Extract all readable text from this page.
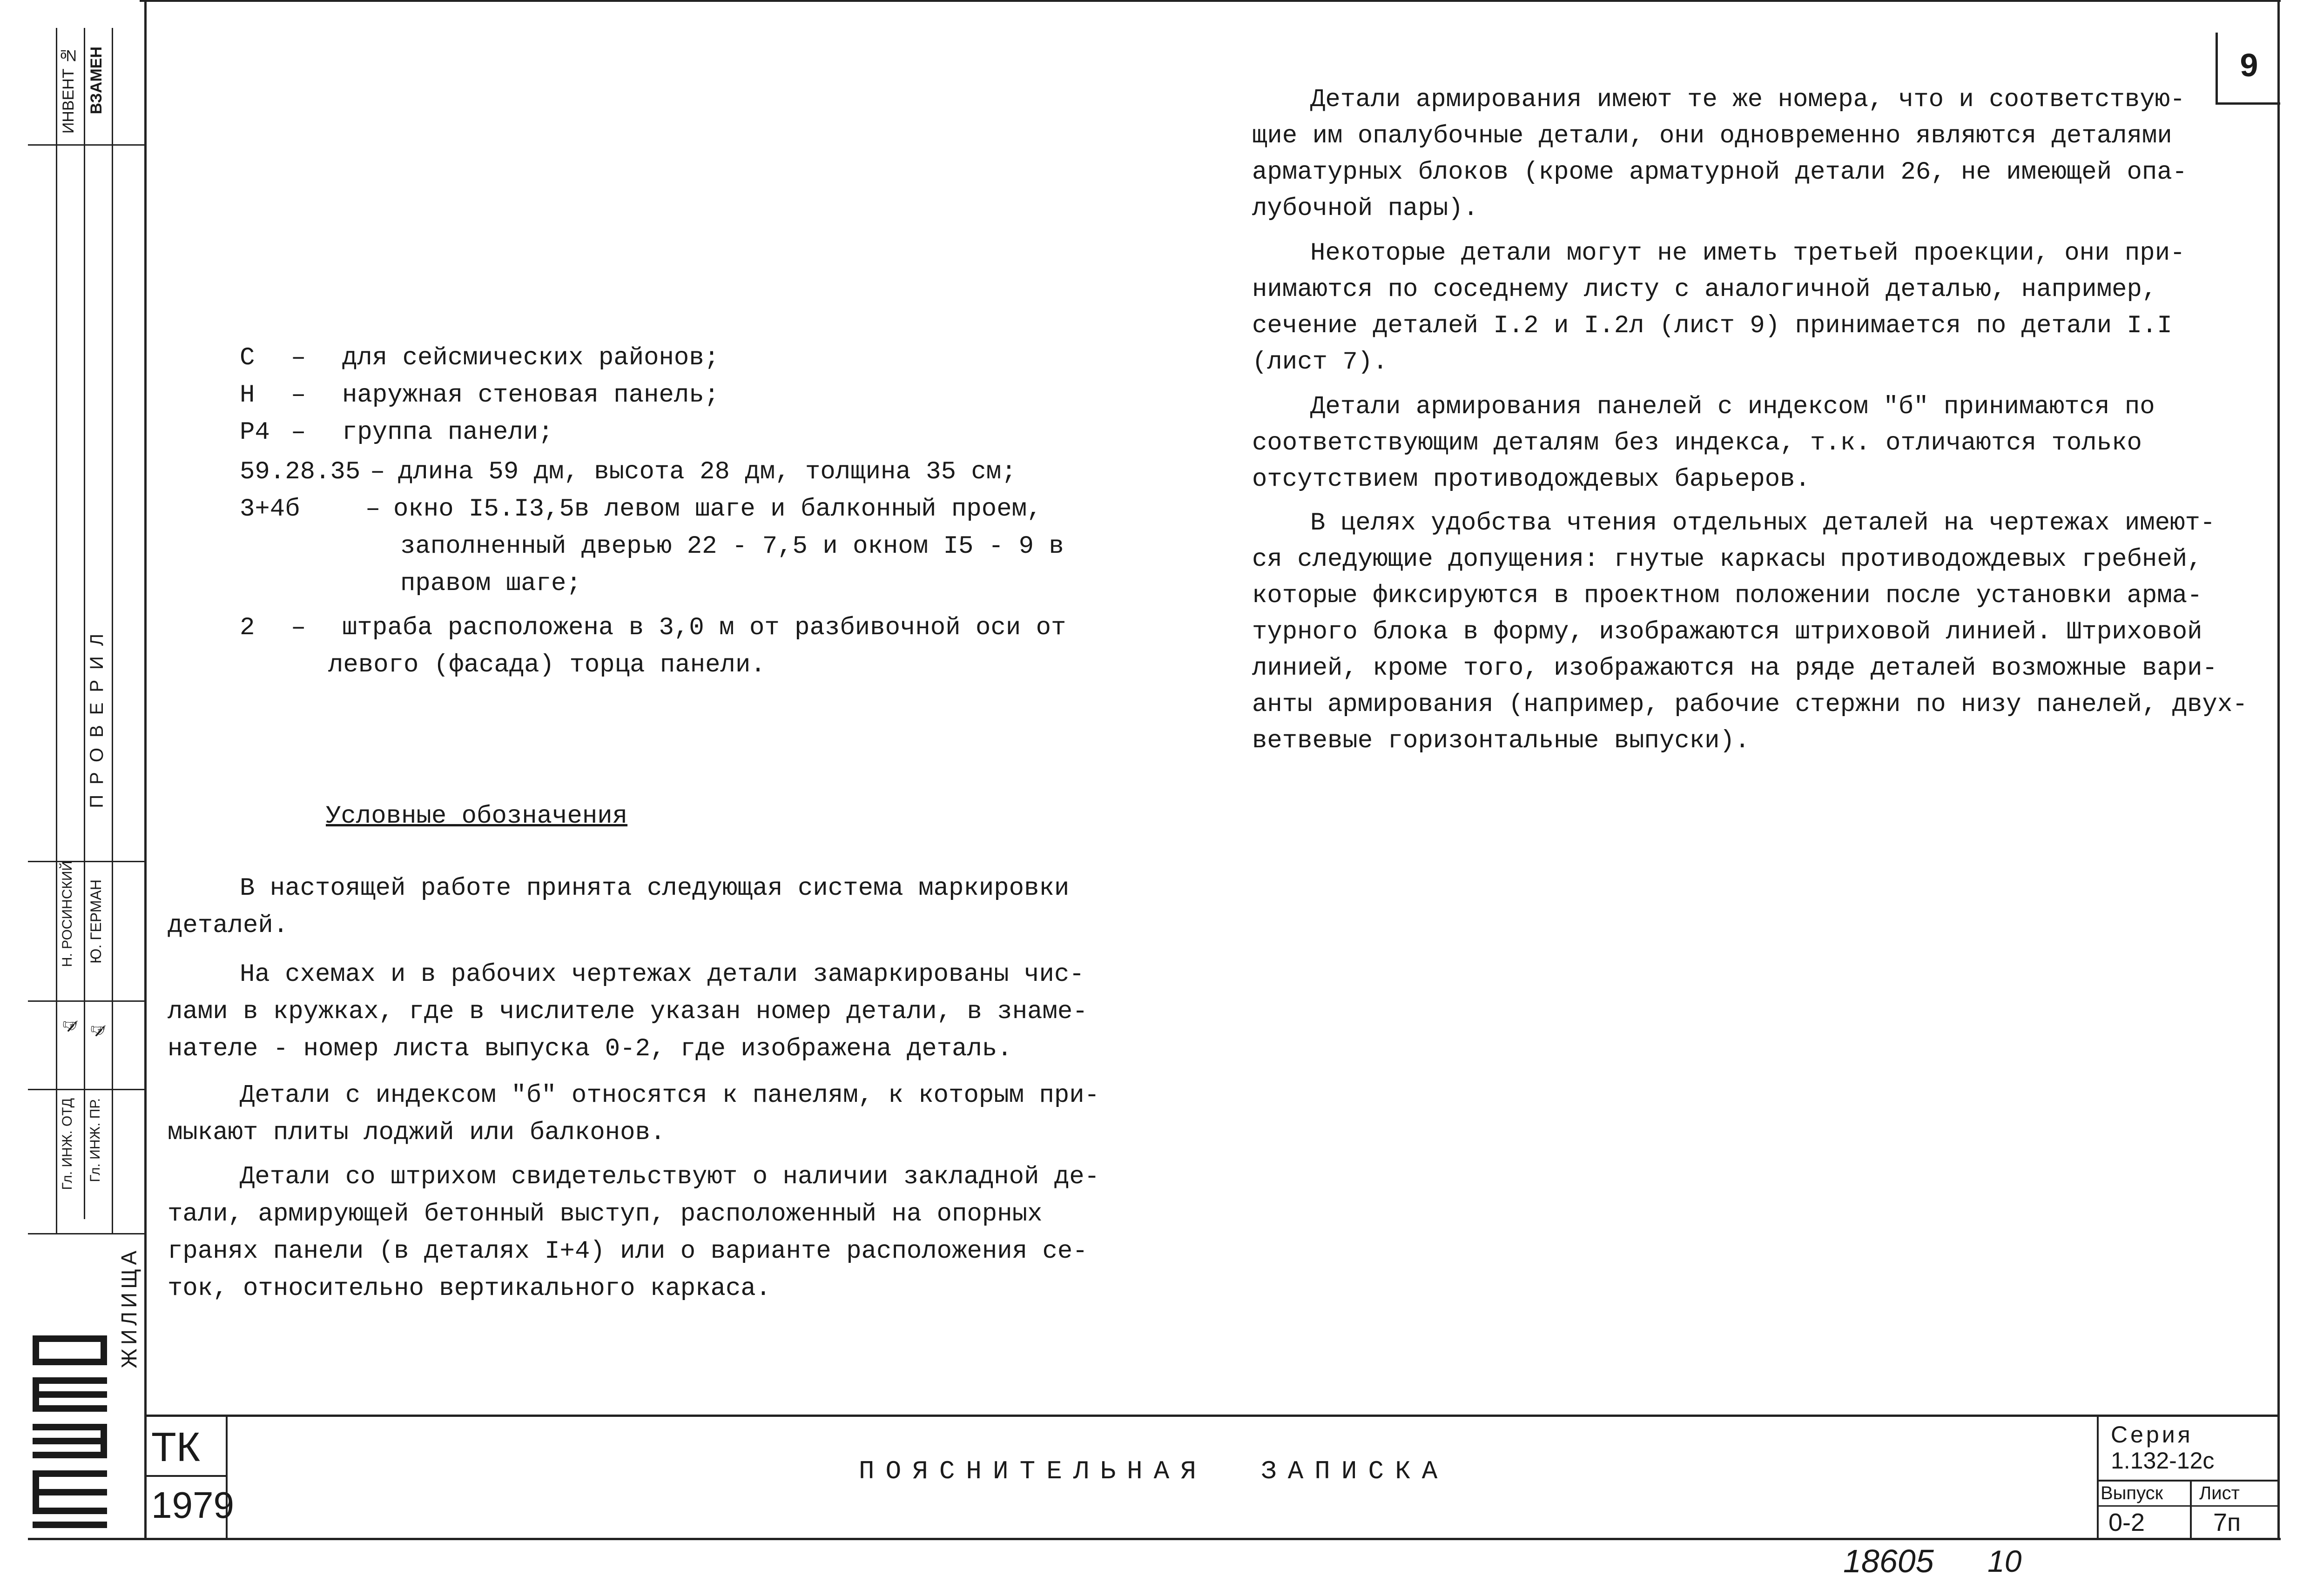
9
ИНВЕНТ № ВЗАМЕН
ПРОВЕРИЛ
Н. РОСИНСКИЙ Ю. ГЕРМАН
✍ ✍
Гл. ИНЖ. ОТД Гл. ИНЖ. ПР.
ЖИЛИЩА
С – для сейсмических районов;
Н – наружная стеновая панель;
Р4 – группа панели;
59.28.35 – длина 59 дм, высота 28 дм, толщина 35 см;
3+4б	– окно I5.I3,5в левом шаге и балконный проем,
заполненный дверью 22 - 7,5 и окном I5 - 9 в
правом шаге;
2 – штраба расположена в 3,0 м от разбивочной оси от
левого (фасада) торца панели.
Условные обозначения
В настоящей работе принята следующая система маркировки
деталей.
На схемах и в рабочих чертежах детали замаркированы чис-
лами в кружках, где в числителе указан номер детали, в знаме-
нателе - номер листа выпуска 0-2, где изображена деталь.
Детали с индексом "б" относятся к панелям, к которым при-
мыкают плиты лоджий или балконов.
Детали со штрихом свидетельствуют о наличии закладной де-
тали, армирующей бетонный выступ, расположенный на опорных
гранях панели (в деталях I+4) или о варианте расположения се-
ток, относительно вертикального каркаса.
Детали армирования имеют те же номера, что и соответствую-
щие им опалубочные детали, они одновременно являются деталями
арматурных блоков (кроме арматурной детали 26, не имеющей опа-
лубочной пары).
Некоторые детали могут не иметь третьей проекции, они при-
нимаются по соседнему листу с аналогичной деталью, например,
сечение деталей I.2 и I.2л (лист 9) принимается по детали I.I
(лист 7).
Детали армирования панелей с индексом "б" принимаются по
соответствующим деталям без индекса, т.к. отличаются только
отсутствием противодождевых барьеров.
В целях удобства чтения отдельных деталей на чертежах имеют-
ся следующие допущения: гнутые каркасы противодождевых гребней,
которые фиксируются в проектном положении после установки арма-
турного блока в форму, изображаются штриховой линией. Штриховой
линией, кроме того, изображаются на ряде деталей возможные вари-
анты армирования (например, рабочие стержни по низу панелей, двух-
ветвевые горизонтальные выпуски).
ТК
1979
ПОЯСНИТЕЛЬНАЯ  ЗАПИСКА
Серия
1.132-12с
Выпуск
0-2
Лист
7п
18605 10
